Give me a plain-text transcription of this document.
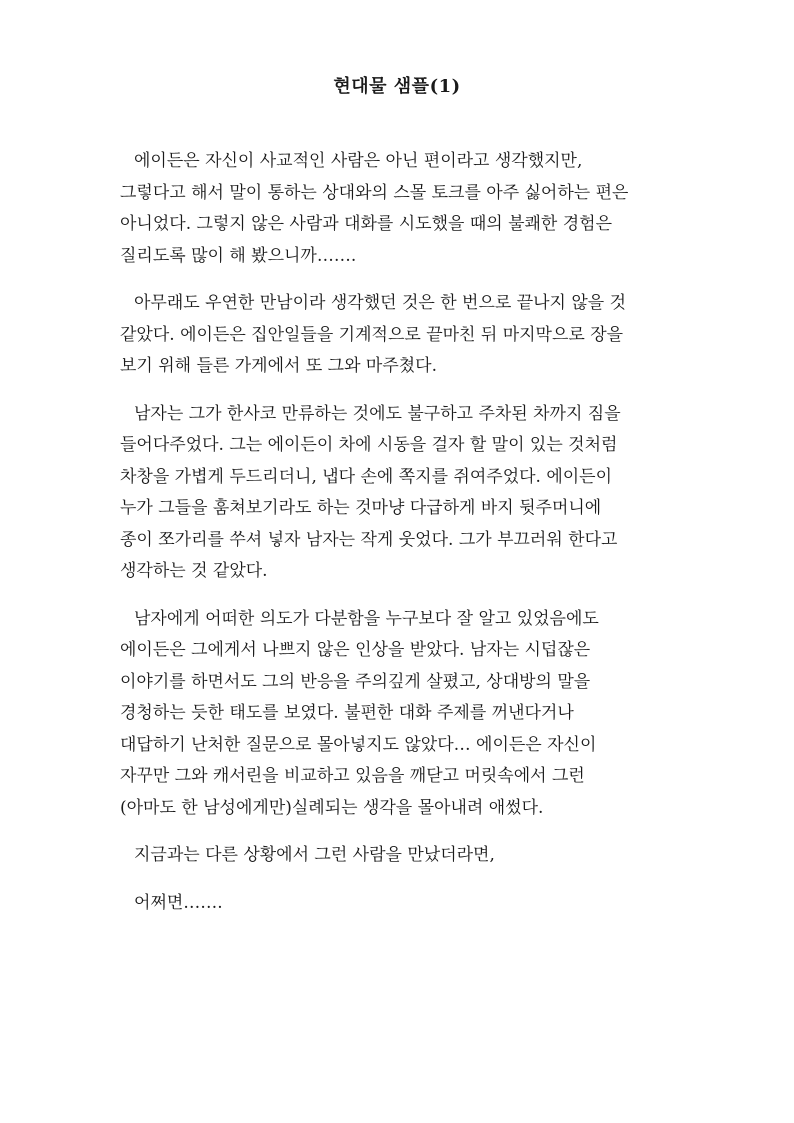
현대물 샘플(1)
에이든은 자신이 사교적인 사람은 아닌 편이라고 생각했지만,
그렇다고 해서 말이 통하는 상대와의 스몰 토크를 아주 싫어하는 편은
아니었다. 그렇지 않은 사람과 대화를 시도했을 때의 불쾌한 경험은
질리도록 많이 해 봤으니까…….
아무래도 우연한 만남이라 생각했던 것은 한 번으로 끝나지 않을 것
같았다. 에이든은 집안일들을 기계적으로 끝마친 뒤 마지막으로 장을
보기 위해 들른 가게에서 또 그와 마주쳤다.
남자는 그가 한사코 만류하는 것에도 불구하고 주차된 차까지 짐을
들어다주었다. 그는 에이든이 차에 시동을 걸자 할 말이 있는 것처럼
차창을 가볍게 두드리더니, 냅다 손에 쪽지를 쥐여주었다. 에이든이
누가 그들을 훔쳐보기라도 하는 것마냥 다급하게 바지 뒷주머니에
종이 쪼가리를 쑤셔 넣자 남자는 작게 웃었다. 그가 부끄러워 한다고
생각하는 것 같았다.
남자에게 어떠한 의도가 다분함을 누구보다 잘 알고 있었음에도
에이든은 그에게서 나쁘지 않은 인상을 받았다. 남자는 시덥잖은
이야기를 하면서도 그의 반응을 주의깊게 살폈고, 상대방의 말을
경청하는 듯한 태도를 보였다. 불편한 대화 주제를 꺼낸다거나
대답하기 난처한 질문으로 몰아넣지도 않았다… 에이든은 자신이
자꾸만 그와 캐서린을 비교하고 있음을 깨닫고 머릿속에서 그런
(아마도 한 남성에게만)실례되는 생각을 몰아내려 애썼다.
지금과는 다른 상황에서 그런 사람을 만났더라면,
어쩌면…….
